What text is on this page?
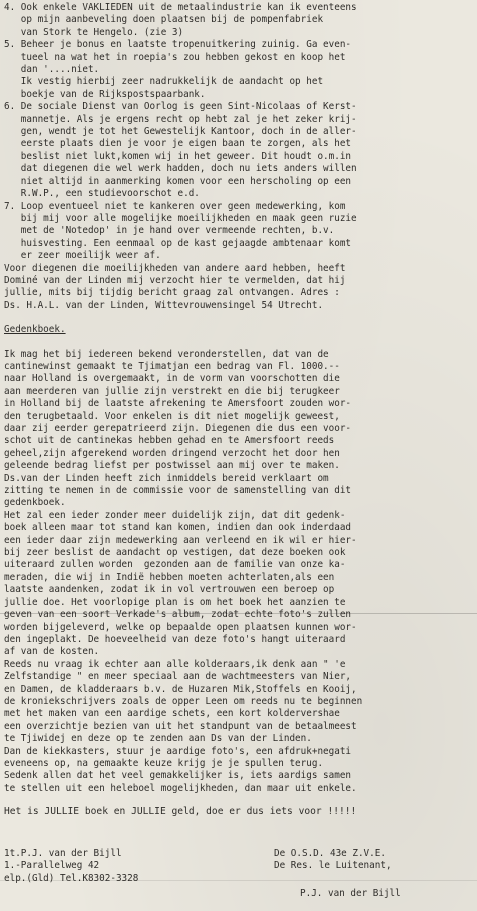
4. Ook enkele VAKLIEDEN uit de metaalindustrie kan ik eventeens
op mijn aanbeveling doen plaatsen bij de pompenfabriek
van Stork te Hengelo. (zie 3)
5. Beheer je bonus en laatste tropenuitkering zuinig. Ga even-
tueel na wat het in roepia's zou hebben gekost en koop het
dan '....niet.
Ik vestig hierbij zeer nadrukkelijk de aandacht op het
boekje van de Rijkspostspaarbank.
6. De sociale Dienst van Oorlog is geen Sint-Nicolaas of Kerst-
mannetje. Als je ergens recht op hebt zal je het zeker krij-
gen, wendt je tot het Gewestelijk Kantoor, doch in de aller-
eerste plaats dien je voor je eigen baan te zorgen, als het
beslist niet lukt,komen wij in het geweer. Dit houdt o.m.in
dat diegenen die wel werk hadden, doch nu iets anders willen
niet altijd in aanmerking komen voor een herscholing op een
R.W.P., een studievoorschot e.d.
7. Loop eventueel niet te kankeren over geen medewerking, kom
bij mij voor alle mogelijke moeilijkheden en maak geen ruzie
met de 'Notedop' in je hand over vermeende rechten, b.v.
huisvesting. Een eenmaal op de kast gejaagde ambtenaar komt
er zeer moeilijk weer af.
Voor diegenen die moeilijkheden van andere aard hebben, heeft
Dominé van der Linden mij verzocht hier te vermelden, dat hij
jullie, mits bij tijdig bericht graag zal ontvangen. Adres :
Ds. H.A.L. van der Linden, Wittevrouwensingel 54 Utrecht.
Gedenkboek.
Ik mag het bij iedereen bekend veronderstellen, dat van de
cantinewinst gemaakt te Tjimatjan een bedrag van Fl. 1000.--
naar Holland is overgemaakt, in de vorm van voorschotten die
aan meerderen van jullie zijn verstrekt en die bij terugkeer
in Holland bij de laatste afrekening te Amersfoort zouden wor-
den terugbetaald. Voor enkelen is dit niet mogelijk geweest,
daar zij eerder gerepatrieerd zijn. Diegenen die dus een voor-
schot uit de cantinekas hebben gehad en te Amersfoort reeds
geheel,zijn afgerekend worden dringend verzocht het door hen
geleende bedrag liefst per postwissel aan mij over te maken.
Ds.van der Linden heeft zich inmiddels bereid verklaart om
zitting te nemen in de commissie voor de samenstelling van dit
gedenkboek.
Het zal een ieder zonder meer duidelijk zijn, dat dit gedenk-
boek alleen maar tot stand kan komen, indien dan ook inderdaad
een ieder daar zijn medewerking aan verleend en ik wil er hier-
bij zeer beslist de aandacht op vestigen, dat deze boeken ook
uiteraard zullen worden  gezonden aan de familie van onze ka-
meraden, die wij in Indië hebben moeten achterlaten,als een
laatste aandenken, zodat ik in vol vertrouwen een beroep op
jullie doe. Het voorlopige plan is om het boek het aanzien te
geven van een soort Verkade's album, zodat echte foto's zullen
worden bijgeleverd, welke op bepaalde open plaatsen kunnen wor-
den ingeplakt. De hoeveelheid van deze foto's hangt uiteraard
af van de kosten.
Reeds nu vraag ik echter aan alle kolderaars,ik denk aan " 'e
Zelfstandige " en meer speciaal aan de wachtmeesters van Nier,
en Damen, de kladderaars b.v. de Huzaren Mik,Stoffels en Kooij,
de kroniekschrijvers zoals de opper Leen om reeds nu te beginnen
met het maken van een aardige schets, een kort koldervershae
een overzichtje bezien van uit het standpunt van de betaalmeest
te Tjiwidej en deze op te zenden aan Ds van der Linden.
Dan de kiekkasters, stuur je aardige foto's, een afdruk+negati
eveneens op, na gemaakte keuze krijg je je spullen terug.
Sedenk allen dat het veel gemakkelijker is, iets aardigs samen
te stellen uit een heleboel mogelijkheden, dan maar uit enkele.
Het is JULLIE boek en JULLIE geld, doe er dus iets voor !!!!!
1t.P.J. van der Bijll
1.-Parallelweg 42
elp.(Gld) Tel.K8302-3328
De O.S.D. 43e Z.V.E.
De Res. le Luitenant,
P.J. van der Bijll
